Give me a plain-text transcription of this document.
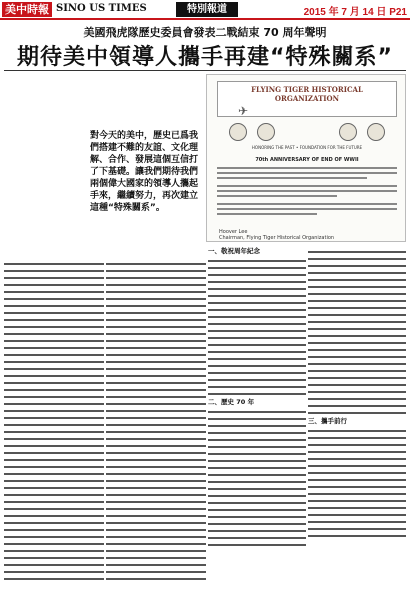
美中時報 SINO US TIMES	特別報道	2015 年 7 月 14 日 P21
美國飛虎隊歷史委員會發表二戰結束 70 周年聲明
期待美中領導人攜手再建“特殊關系”
對今天的美中，歷史已爲我們搭建不難的友誼、文化理解、合作、發展這個互信打了下基礎。讓我們期待我們兩個偉大國家的領導人攜起手來，繼續努力，再次建立這種“特殊關系”。
✈
FLYING TIGER HISTORICAL ORGANIZATION
HONORING THE PAST • FOUNDATION FOR THE FUTURE
70th ANNIVERSARY OF END OF WWII
Hoover Lee
Chairman, Flying Tiger Historical Organization
一、敬祝周年紀念
二、歷史 70 年
三、攜手前行
